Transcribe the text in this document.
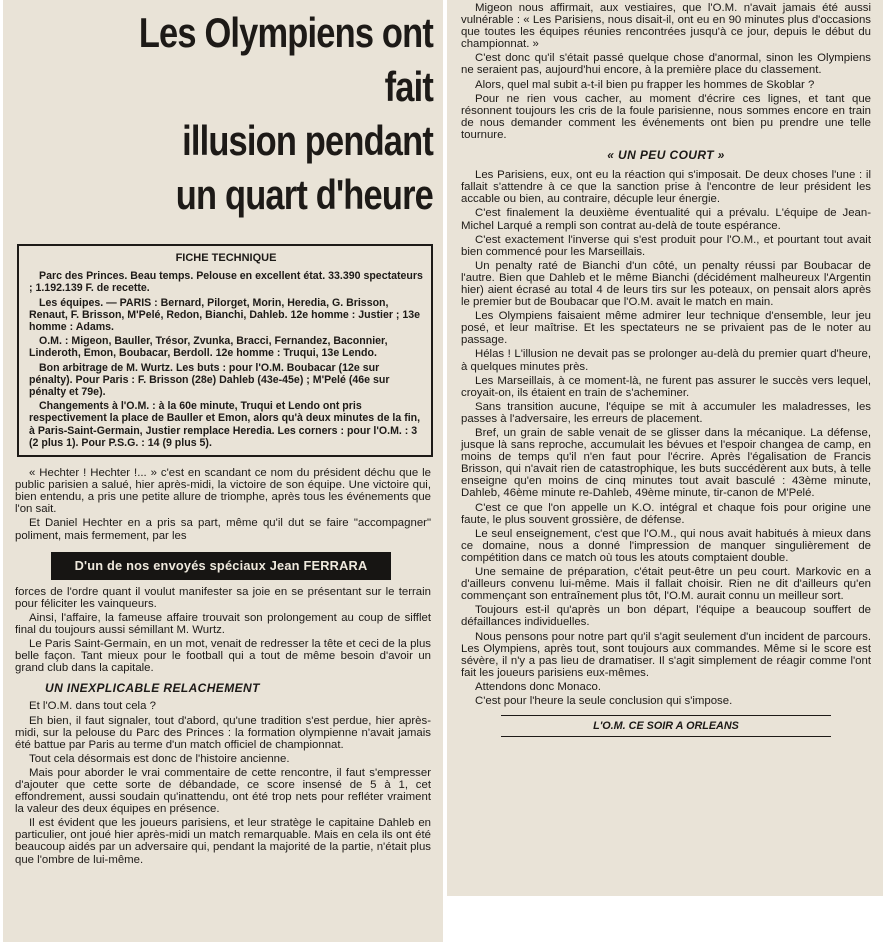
Les Olympiens ont fait
illusion pendant
un quart d'heure
FICHE TECHNIQUE

Parc des Princes. Beau temps. Pelouse en excellent état. 33.390 spectateurs ; 1.192.139 F. de recette.

Les équipes. — PARIS : Bernard, Pilorget, Morin, Heredia, G. Brisson, Renaut, F. Brisson, M'Pelé, Redon, Bianchi, Dahleb. 12e homme : Justier ; 13e homme : Adams.

O.M. : Migeon, Bauller, Trésor, Zvunka, Bracci, Fernandez, Baconnier, Linderoth, Emon, Boubacar, Berdoll. 12e homme : Truqui, 13e Lendo.

Bon arbitrage de M. Wurtz. Les buts : pour l'O.M. Boubacar (12e sur pénalty). Pour Paris : F. Brisson (28e) Dahleb (43e-45e) ; M'Pelé (46e sur pénalty et 79e).

Changements à l'O.M. : à la 60e minute, Truqui et Lendo ont pris respectivement la place de Bauller et Emon, alors qu'à deux minutes de la fin, à Paris-Saint-Germain, Justier remplace Heredia. Les corners : pour l'O.M. : 3 (2 plus 1). Pour P.S.G. : 14 (9 plus 5).

« Hechter ! Hechter !... » c'est en scandant ce nom du président déchu que le public parisien a salué, hier après-midi, la victoire de son équipe. Une victoire qui, bien entendu, a pris une petite allure de triomphe, après tous les événements que l'on sait.

Et Daniel Hechter en a pris sa part, même qu'il dut se faire "accompagner" poliment, mais fermement, par les

D'un de nos envoyés spéciaux Jean FERRARA

forces de l'ordre quant il voulut manifester sa joie en se présentant sur le terrain pour féliciter les vainqueurs.

Ainsi, l'affaire, la fameuse affaire trouvait son prolongement au coup de sifflet final du toujours aussi sémillant M. Wurtz.

Le Paris Saint-Germain, en un mot, venait de redresser la tête et ceci de la plus belle façon. Tant mieux pour le football qui a tout de même besoin d'avoir un grand club dans la capitale.

UN INEXPLICABLE RELACHEMENT

Et l'O.M. dans tout cela ?

Eh bien, il faut signaler, tout d'abord, qu'une tradition s'est perdue, hier après-midi, sur la pelouse du Parc des Princes : la formation olympienne n'avait jamais été battue par Paris au terme d'un match officiel de championnat.

Tout cela désormais est donc de l'histoire ancienne.

Mais pour aborder le vrai commentaire de cette rencontre, il faut s'empresser d'ajouter que cette sorte de débandade, ce score insensé de 5 à 1, cet effondrement, aussi soudain qu'inattendu, ont été trop nets pour refléter vraiment la valeur des deux équipes en présence.

Il est évident que les joueurs parisiens, et leur stratège le capitaine Dahleb en particulier, ont joué hier après-midi un match remarquable. Mais en cela ils ont été beaucoup aidés par un adversaire qui, pendant la majorité de la partie, n'était plus que l'ombre de lui-même.

Migeon nous affirmait, aux vestiaires, que l'O.M. n'avait jamais été aussi vulnérable : « Les Parisiens, nous disait-il, ont eu en 90 minutes plus d'occasions que toutes les équipes réunies rencontrées jusqu'à ce jour, depuis le début du championnat. »

C'est donc qu'il s'était passé quelque chose d'anormal, sinon les Olympiens ne seraient pas, aujourd'hui encore, à la première place du classement.

Alors, quel mal subit a-t-il bien pu frapper les hommes de Skoblar ?

Pour ne rien vous cacher, au moment d'écrire ces lignes, et tant que résonnent toujours les cris de la foule parisienne, nous sommes encore en train de nous demander comment les événements ont bien pu prendre une telle tournure.

« UN PEU COURT »

Les Parisiens, eux, ont eu la réaction qui s'imposait. De deux choses l'une : il fallait s'attendre à ce que la sanction prise à l'encontre de leur président les accable ou bien, au contraire, décuple leur énergie.

C'est finalement la deuxième éventualité qui a prévalu. L'équipe de Jean-Michel Larqué a rempli son contrat au-delà de toute espérance.

C'est exactement l'inverse qui s'est produit pour l'O.M., et pourtant tout avait bien commencé pour les Marseillais.

Un penalty raté de Bianchi d'un côté, un penalty réussi par Boubacar de l'autre. Bien que Dahleb et le même Bianchi (décidément malheureux l'Argentin hier) aient écrasé au total 4 de leurs tirs sur les poteaux, on pensait alors après le premier but de Boubacar que l'O.M. avait le match en main.

Les Olympiens faisaient même admirer leur technique d'ensemble, leur jeu posé, et leur maîtrise. Et les spectateurs ne se privaient pas de le noter au passage.

Hélas ! L'illusion ne devait pas se prolonger au-delà du premier quart d'heure, à quelques minutes près.

Les Marseillais, à ce moment-là, ne furent pas assurer le succès vers lequel, croyait-on, ils étaient en train de s'acheminer.

Sans transition aucune, l'équipe se mit à accumuler les maladresses, les passes à l'adversaire, les erreurs de placement.

Bref, un grain de sable venait de se glisser dans la mécanique. La défense, jusque là sans reproche, accumulait les bévues et l'espoir changea de camp, en moins de temps qu'il n'en faut pour l'écrire. Après l'égalisation de Francis Brisson, qui n'avait rien de catastrophique, les buts succédèrent aux buts, à telle enseigne qu'en moins de cinq minutes tout avait basculé : 43ème minute, Dahleb, 46ème minute re-Dahleb, 49ème minute, tir-canon de M'Pelé.

C'est ce que l'on appelle un K.O. intégral et chaque fois pour origine une faute, le plus souvent grossière, de défense.

Le seul enseignement, c'est que l'O.M., qui nous avait habitués à mieux dans ce domaine, nous a donné l'impression de manquer singulièrement de compétition dans ce match où tous les atouts comptaient double.

Une semaine de préparation, c'était peut-être un peu court. Markovic en a d'ailleurs convenu lui-même. Mais il fallait choisir. Rien ne dit d'ailleurs qu'en commençant son entraînement plus tôt, l'O.M. aurait connu un meilleur sort.

Toujours est-il qu'après un bon départ, l'équipe a beaucoup souffert de défaillances individuelles.

Nous pensons pour notre part qu'il s'agit seulement d'un incident de parcours. Les Olympiens, après tout, sont toujours aux commandes. Même si le score est sévère, il n'y a pas lieu de dramatiser. Il s'agit simplement de réagir comme l'ont fait les joueurs parisiens eux-mêmes.

Attendons donc Monaco.

C'est pour l'heure la seule conclusion qui s'impose.

L'O.M. CE SOIR A ORLEANS
